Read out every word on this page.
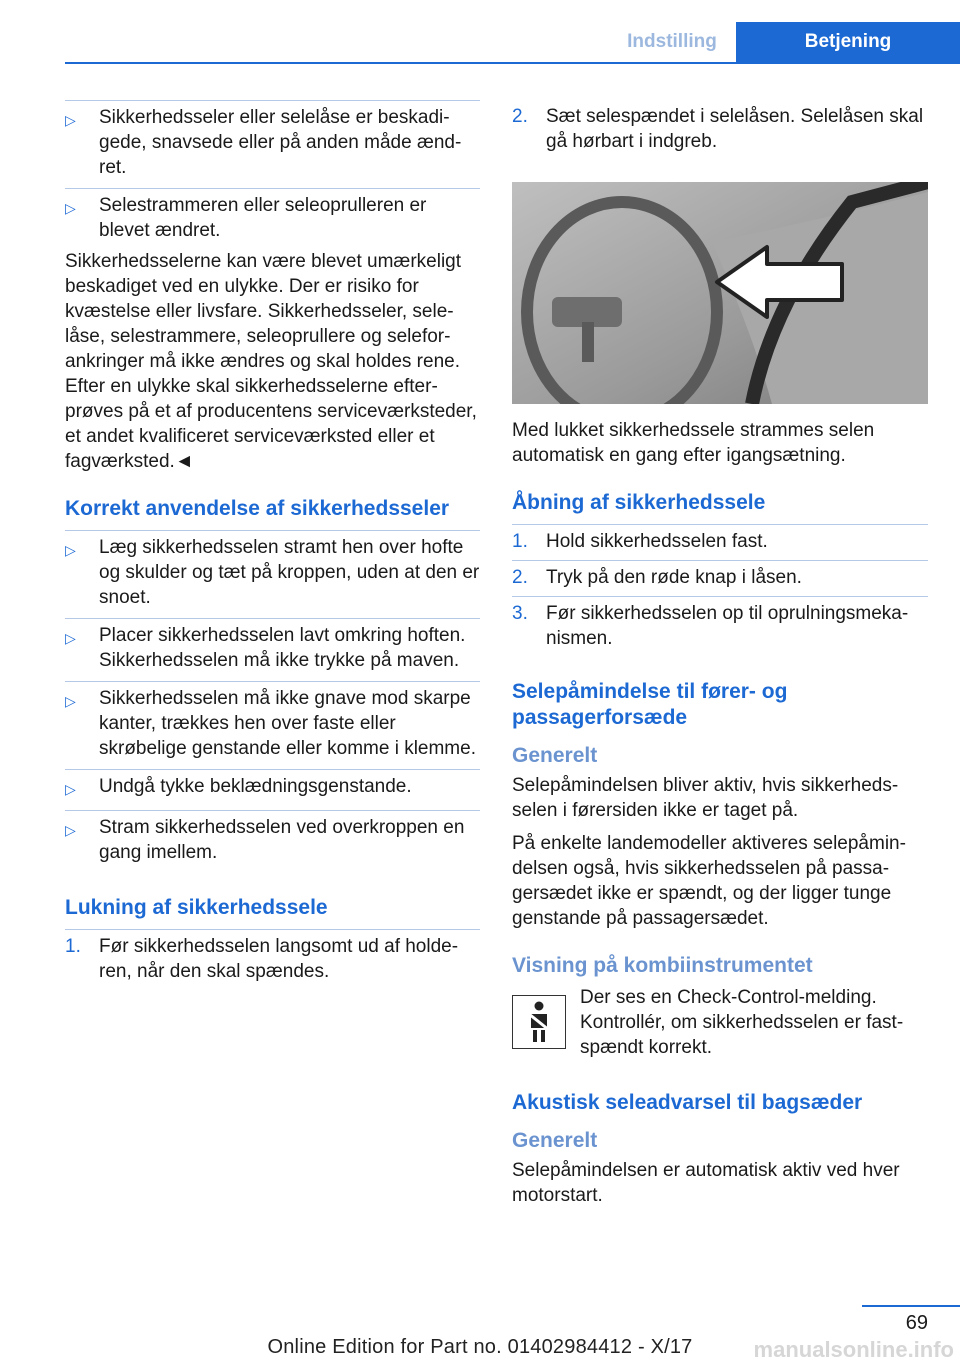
Indstilling	Betjening
▷	Sikkerhedsseler eller selelåse er beskadigede, snavsede eller på anden måde ændret.
▷	Selestrammeren eller seleoprulleren er blevet ændret.

Sikkerhedsselerne kan være blevet umærkeligt beskadiget ved en ulykke. Der er risiko for kvæstelse eller livsfare. Sikkerhedsseler, selelåse, selestrammere, seleoprullere og seleforankringer må ikke ændres og skal holdes rene. Efter en ulykke skal sikkerhedsselerne efterprøves på et af producentens serviceværksteder, et andet kvalificeret serviceværksted eller et fagværksted.◄

Korrekt anvendelse af sikkerhedsseler
▷	Læg sikkerhedsselen stramt hen over hofte og skulder og tæt på kroppen, uden at den er snoet.
▷	Placer sikkerhedsselen lavt omkring hoften. Sikkerhedsselen må ikke trykke på maven.
▷	Sikkerhedsselen må ikke gnave mod skarpe kanter, trækkes hen over faste eller skrøbelige genstande eller komme i klemme.
▷	Undgå tykke beklædningsgenstande.
▷	Stram sikkerhedsselen ved overkroppen en gang imellem.
Lukning af sikkerhedssele
1. Før sikkerhedsselen langsomt ud af holderen, når den skal spændes.
2. Sæt selespændet i selelåsen. Selelåsen skal gå hørbart i indgreb.

Med lukket sikkerhedssele strammes selen automatisk en gang efter igangsætning.

Åbning af sikkerhedssele
1. Hold sikkerhedsselen fast.
2. Tryk på den røde knap i låsen.
3. Før sikkerhedsselen op til oprulningsmekanismen.
Selepåmindelse til fører- og passagerforsæde
Generelt

Selepåmindelsen bliver aktiv, hvis sikkerhedsselen i førersiden ikke er taget på.

På enkelte landemodeller aktiveres selepåmindelsen også, hvis sikkerhedsselen på passagersædet ikke er spændt, og der ligger tunge genstande på passagersædet.

Visning på kombiinstrumentet
Der ses en Check-Control-melding. Kontrollér, om sikkerhedsselen er fastspændt korrekt.
Akustisk seleadvarsel til bagsæder
Generelt

Selepåmindelsen er automatisk aktiv ved hver motorstart.

69
Online Edition for Part no. 01402984412 - X/17	manualsonline.info
